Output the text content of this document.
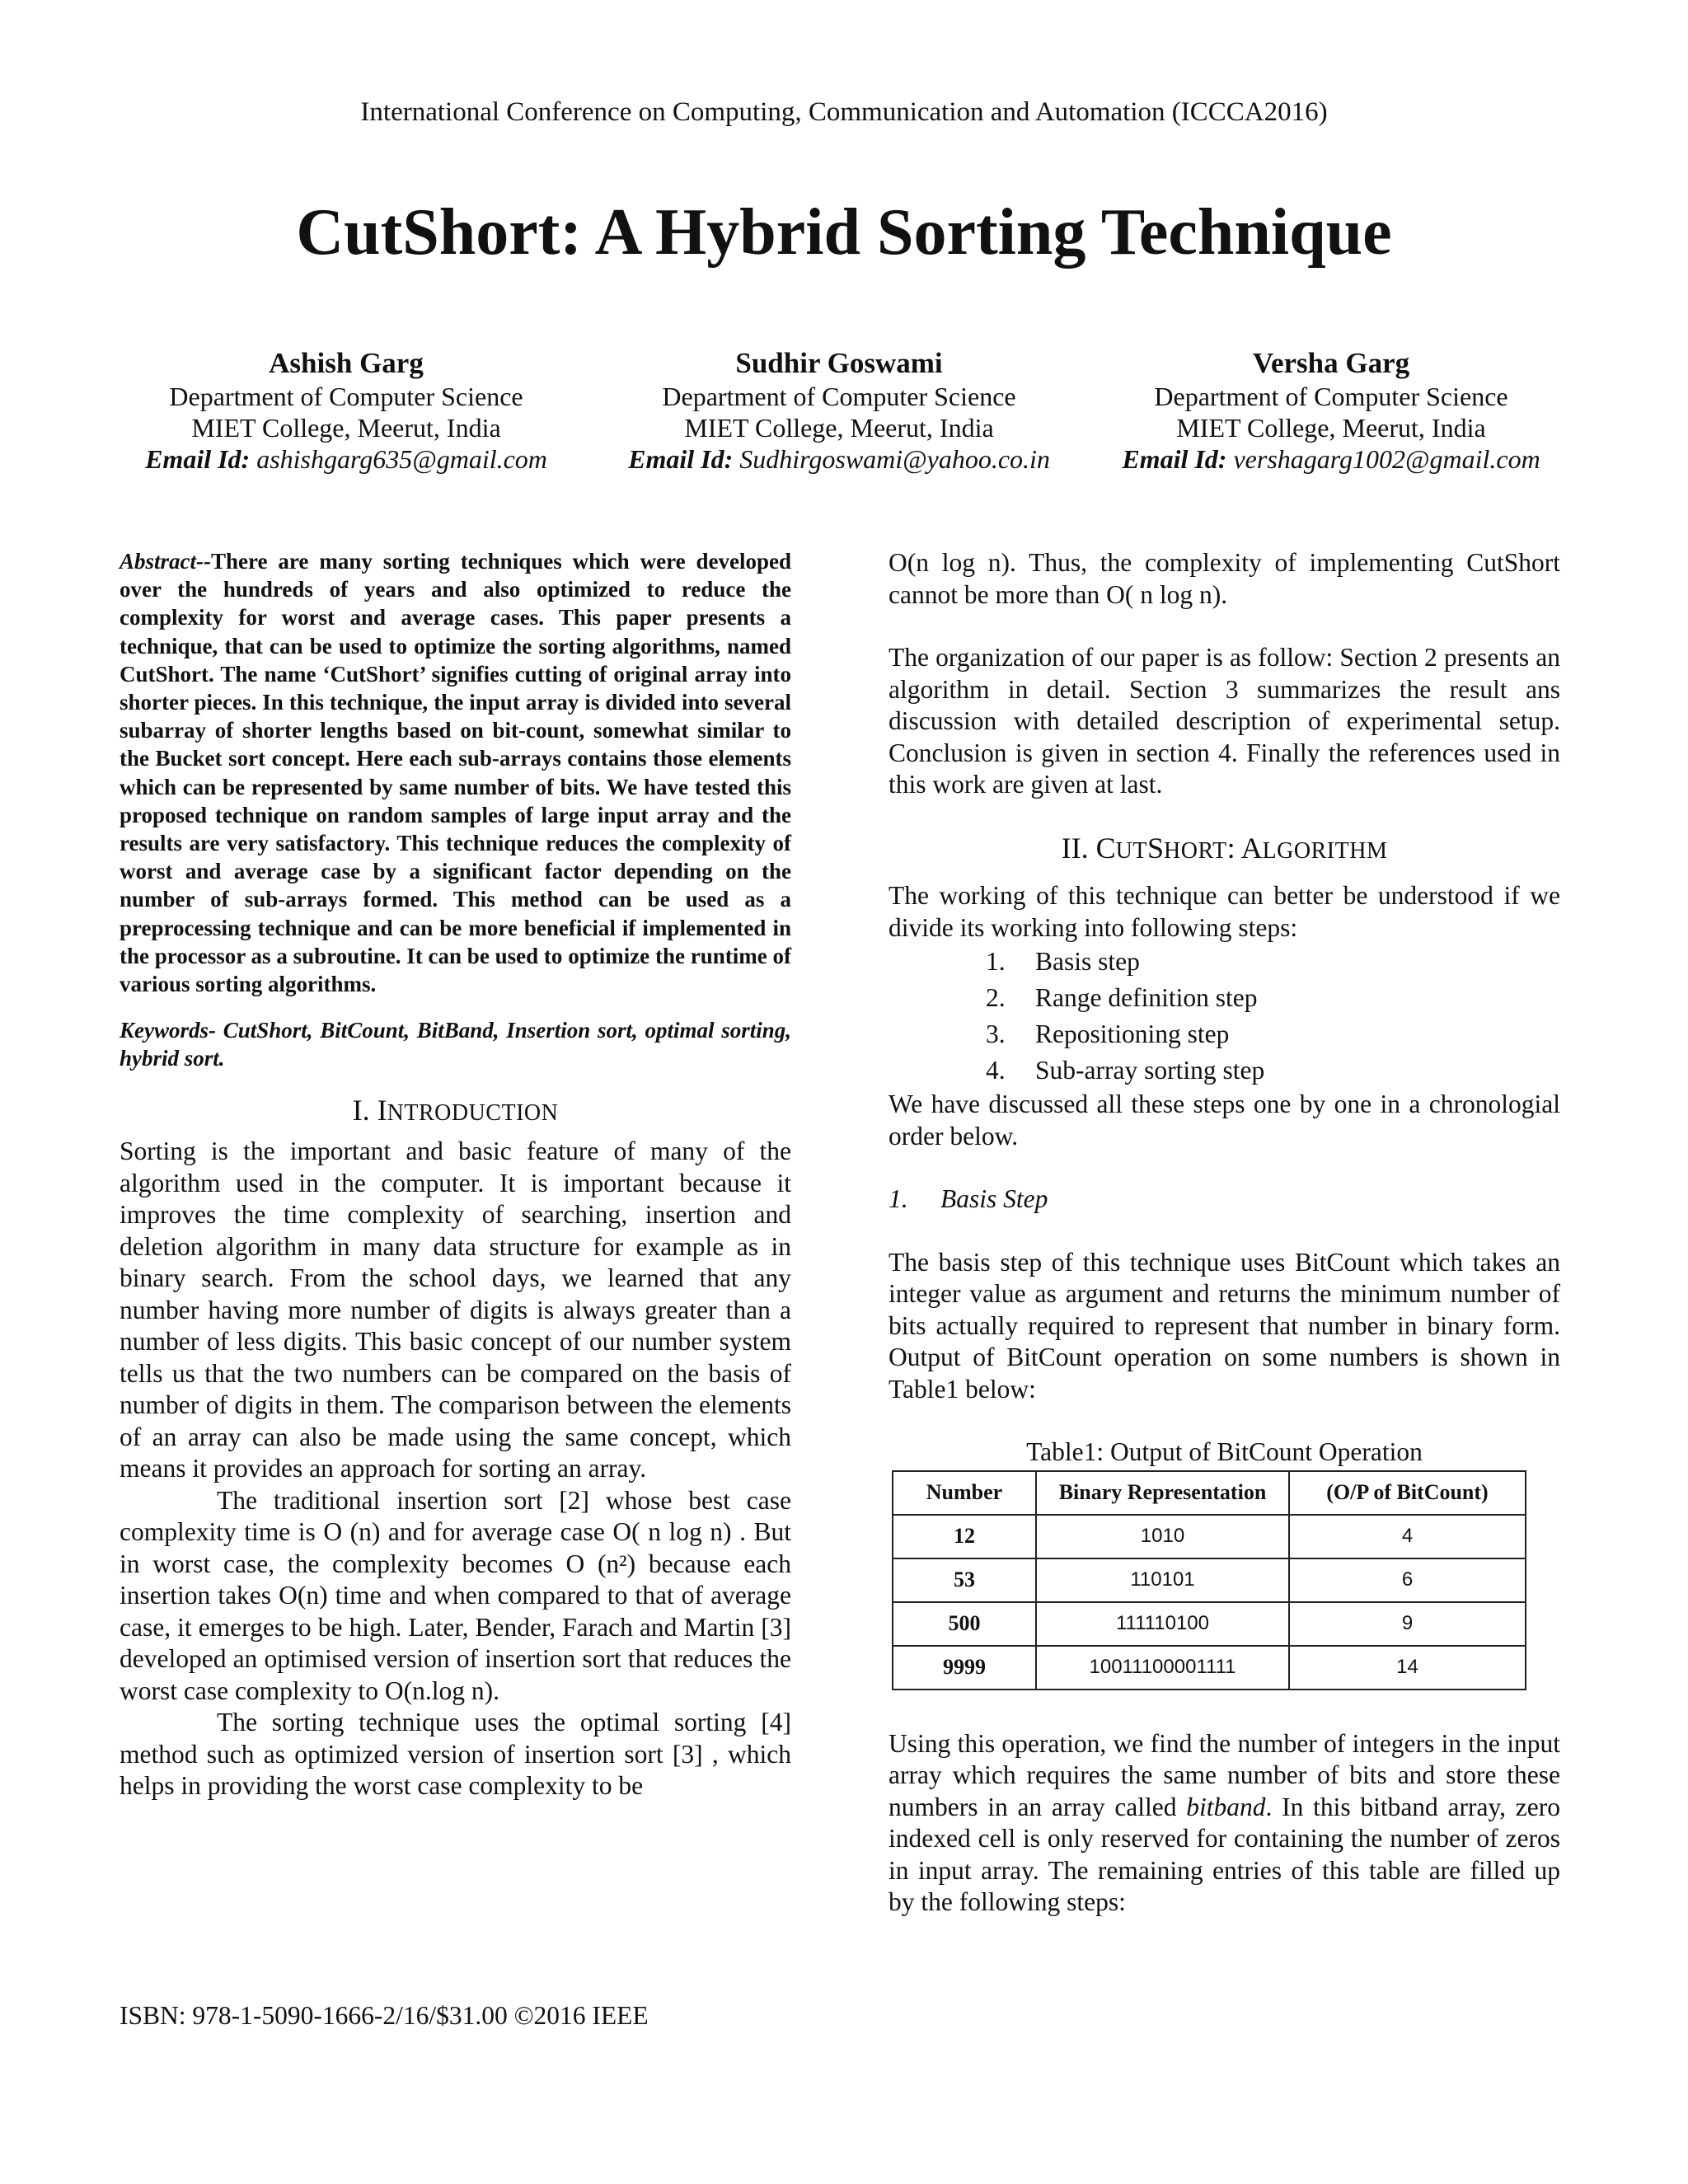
International Conference on Computing, Communication and Automation (ICCCA2016)
CutShort: A Hybrid Sorting Technique
Ashish Garg
Department of Computer Science
MIET College, Meerut, India
Email Id: ashishgarg635@gmail.com
Sudhir Goswami
Department of Computer Science
MIET College, Meerut, India
Email Id: Sudhirgoswami@yahoo.co.in
Versha Garg
Department of Computer Science
MIET College, Meerut, India
Email Id: vershagarg1002@gmail.com

Abstract--There are many sorting techniques which were developed over the hundreds of years and also optimized to reduce the complexity for worst and average cases. This paper presents a technique, that can be used to optimize the sorting algorithms, named CutShort. The name ‘CutShort’ signifies cutting of original array into shorter pieces. In this technique, the input array is divided into several subarray of shorter lengths based on bit-count, somewhat similar to the Bucket sort concept. Here each sub-arrays contains those elements which can be represented by same number of bits. We have tested this proposed technique on random samples of large input array and the results are very satisfactory. This technique reduces the complexity of worst and average case by a significant factor depending on the number of sub-arrays formed. This method can be used as a preprocessing technique and can be more beneficial if implemented in the processor as a subroutine. It can be used to optimize the runtime of various sorting algorithms.

Keywords- CutShort, BitCount, BitBand, Insertion sort, optimal sorting, hybrid sort.

I. INTRODUCTION

Sorting is the important and basic feature of many of the algorithm used in the computer. It is important because it improves the time complexity of searching, insertion and deletion algorithm in many data structure for example as in binary search. From the school days, we learned that any number having more number of digits is always greater than a number of less digits. This basic concept of our number system tells us that the two numbers can be compared on the basis of number of digits in them. The comparison between the elements of an array can also be made using the same concept, which means it provides an approach for sorting an array.

The traditional insertion sort [2] whose best case complexity time is O (n) and for average case O( n log n) . But in worst case, the complexity becomes O (n²) because each insertion takes O(n) time and when compared to that of average case, it emerges to be high. Later, Bender, Farach and Martin [3] developed an optimised version of insertion sort that reduces the worst case complexity to O(n.log n).

The sorting technique uses the optimal sorting [4] method such as optimized version of insertion sort [3] , which helps in providing the worst case complexity to be

O(n log n). Thus, the complexity of implementing CutShort cannot be more than O( n log n).

The organization of our paper is as follow: Section 2 presents an algorithm in detail. Section 3 summarizes the result ans discussion with detailed description of experimental setup. Conclusion is given in section 4. Finally the references used in this work are given at last.

II. CUTSHORT: ALGORITHM

The working of this technique can better be understood if we divide its working into following steps:

1.	Basis step
2.	Range definition step
3.	Repositioning step
4.	Sub-array sorting step

We have discussed all these steps one by one in a chronologial order below.

1.     Basis Step

The basis step of this technique uses BitCount which takes an integer value as argument and returns the minimum number of bits actually required to represent that number in binary form. Output of BitCount operation on some numbers is shown in Table1 below:

Table1: Output of BitCount Operation

Number	Binary Representation	(O/P of BitCount)
12	1010	4
53	110101	6
500	111110100	9
9999	10011100001111	14

Using this operation, we find the number of integers in the input array which requires the same number of bits and store these numbers in an array called bitband. In this bitband array, zero indexed cell is only reserved for containing the number of zeros in input array. The remaining entries of this table are filled up by the following steps:

ISBN: 978-1-5090-1666-2/16/$31.00 ©2016 IEEE
